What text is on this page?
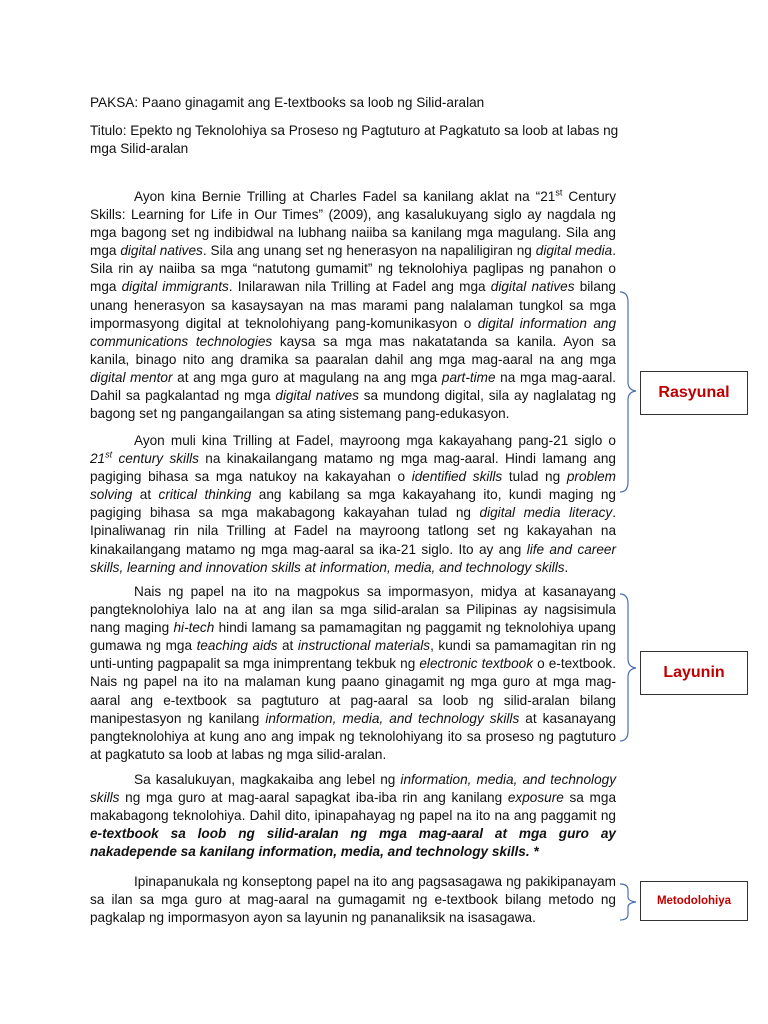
PAKSA: Paano ginagamit ang E-textbooks sa loob ng Silid-aralan
Titulo: Epekto ng Teknolohiya sa Proseso ng Pagtuturo at Pagkatuto sa loob at labas ng mga Silid-aralan
Ayon kina Bernie Trilling at Charles Fadel sa kanilang aklat na “21st Century Skills: Learning for Life in Our Times” (2009), ang kasalukuyang siglo ay nagdala ng mga bagong set ng indibidwal na lubhang naiiba sa kanilang mga magulang. Sila ang mga digital natives. Sila ang unang set ng henerasyon na napaliligiran ng digital media. Sila rin ay naiiba sa mga “natutong gumamit” ng teknolohiya paglipas ng panahon o mga digital immigrants. Inilarawan nila Trilling at Fadel ang mga digital natives bilang unang henerasyon sa kasaysayan na mas marami pang nalalaman tungkol sa mga impormasyong digital at teknolohiyang pang-komunikasyon o digital information ang communications technologies kaysa sa mga mas nakatatanda sa kanila. Ayon sa kanila, binago nito ang dramika sa paaralan dahil ang mga mag-aaral na ang mga digital mentor at ang mga guro at magulang na ang mga part-time na mga mag-aaral. Dahil sa pagkalantad ng mga digital natives sa mundong digital, sila ay naglalatag ng bagong set ng pangangailangan sa ating sistemang pang-edukasyon.
Ayon muli kina Trilling at Fadel, mayroong mga kakayahang pang-21 siglo o 21st century skills na kinakailangang matamo ng mga mag-aaral. Hindi lamang ang pagiging bihasa sa mga natukoy na kakayahan o identified skills tulad ng problem solving at critical thinking ang kabilang sa mga kakayahang ito, kundi maging ng pagiging bihasa sa mga makabagong kakayahan tulad ng digital media literacy. Ipinaliwanag rin nila Trilling at Fadel na mayroong tatlong set ng kakayahan na kinakailangang matamo ng mga mag-aaral sa ika-21 siglo. Ito ay ang life and career skills, learning and innovation skills at information, media, and technology skills.
Nais ng papel na ito na magpokus sa impormasyon, midya at kasanayang pangteknolohiya lalo na at ang ilan sa mga silid-aralan sa Pilipinas ay nagsisimula nang maging hi-tech hindi lamang sa pamamagitan ng paggamit ng teknolohiya upang gumawa ng mga teaching aids at instructional materials, kundi sa pamamagitan rin ng unti-unting pagpapalit sa mga inimprentang tekbuk ng electronic textbook o e-textbook. Nais ng papel na ito na malaman kung paano ginagamit ng mga guro at mga mag-aaral ang e-textbook sa pagtuturo at pag-aaral sa loob ng silid-aralan bilang manipestasyon ng kanilang information, media, and technology skills at kasanayang pangteknolohiya at kung ano ang impak ng teknolohiyang ito sa proseso ng pagtuturo at pagkatuto sa loob at labas ng mga silid-aralan.
Sa kasalukuyan, magkakaiba ang lebel ng information, media, and technology skills ng mga guro at mag-aaral sapagkat iba-iba rin ang kanilang exposure sa mga makabagong teknolohiya. Dahil dito, ipinapahayag ng papel na ito na ang paggamit ng e-textbook sa loob ng silid-aralan ng mga mag-aaral at mga guro ay nakadepende sa kanilang information, media, and technology skills. *
Ipinapanukala ng konseptong papel na ito ang pagsasagawa ng pakikipanayam sa ilan sa mga guro at mag-aaral na gumagamit ng e-textbook bilang metodo ng pagkalap ng impormasyon ayon sa layunin ng pananaliksik na isasagawa.
Rasyunal
Layunin
Metodolohiya
